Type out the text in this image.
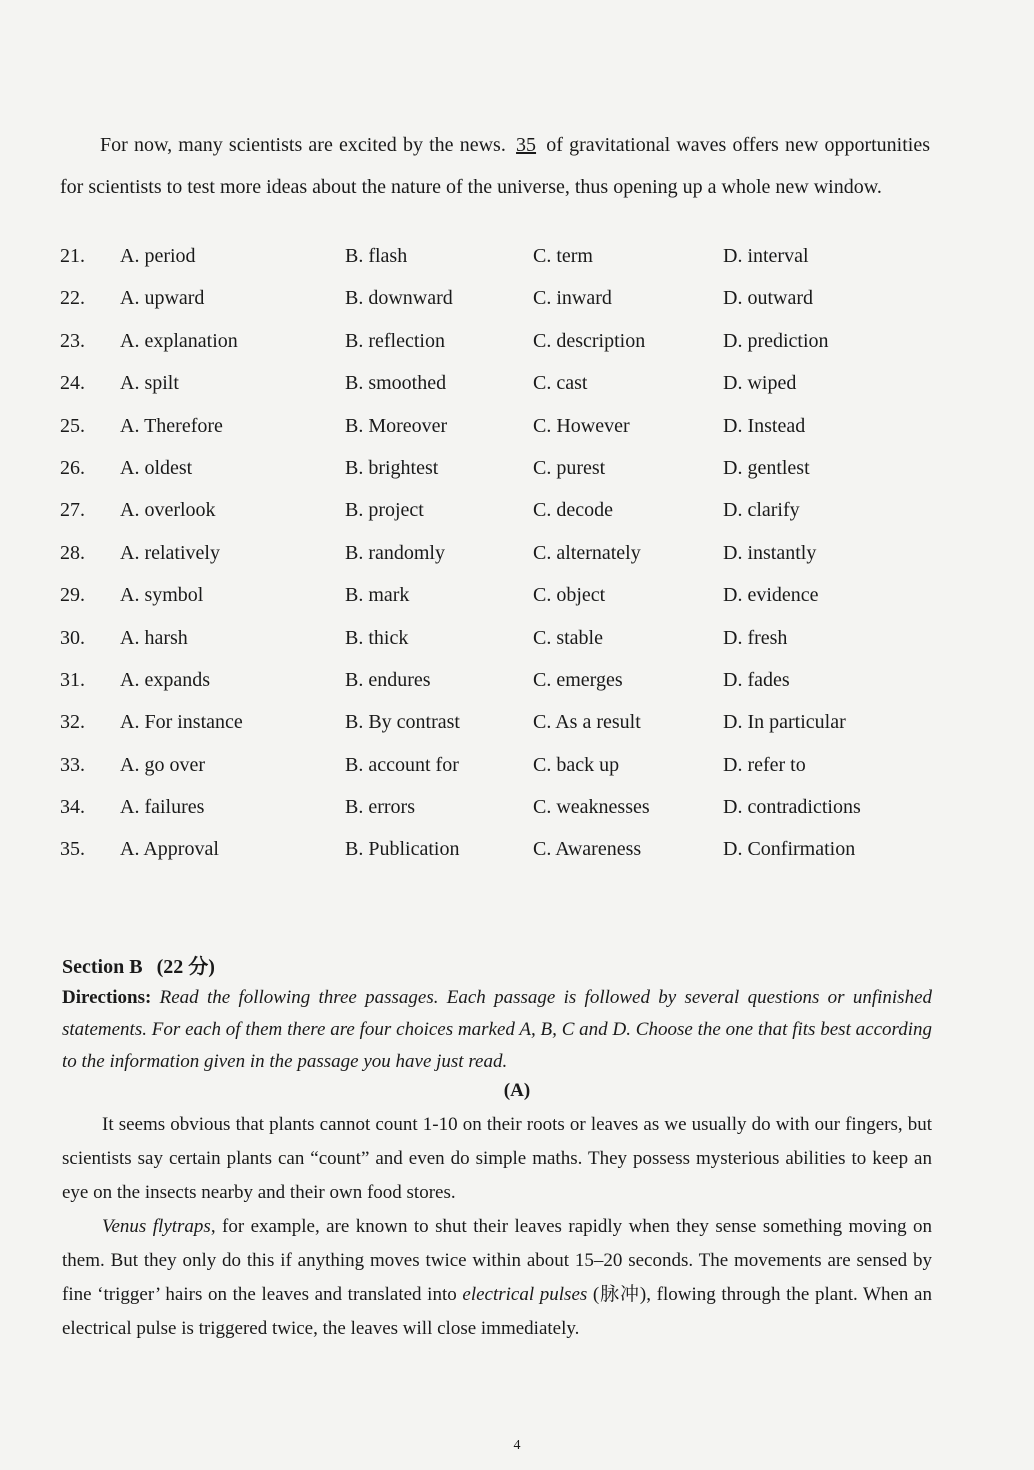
For now, many scientists are excited by the news. 35 of gravitational waves offers new opportunities for scientists to test more ideas about the nature of the universe, thus opening up a whole new window.
21. A. period	B. flash	C. term	D. interval
22. A. upward	B. downward	C. inward	D. outward
23. A. explanation	B. reflection	C. description	D. prediction
24. A. spilt	B. smoothed	C. cast	D. wiped
25. A. Therefore	B. Moreover	C. However	D. Instead
26. A. oldest	B. brightest	C. purest	D. gentlest
27. A. overlook	B. project	C. decode	D. clarify
28. A. relatively	B. randomly	C. alternately	D. instantly
29. A. symbol	B. mark	C. object	D. evidence
30. A. harsh	B. thick	C. stable	D. fresh
31. A. expands	B. endures	C. emerges	D. fades
32. A. For instance	B. By contrast	C. As a result	D. In particular
33. A. go over	B. account for	C. back up	D. refer to
34. A. failures	B. errors	C. weaknesses	D. contradictions
35. A. Approval	B. Publication	C. Awareness	D. Confirmation
Section B (22 分)
Directions: Read the following three passages. Each passage is followed by several questions or unfinished statements. For each of them there are four choices marked A, B, C and D. Choose the one that fits best according to the information given in the passage you have just read.
(A)

It seems obvious that plants cannot count 1-10 on their roots or leaves as we usually do with our fingers, but scientists say certain plants can “count” and even do simple maths. They possess mysterious abilities to keep an eye on the insects nearby and their own food stores.

Venus flytraps, for example, are known to shut their leaves rapidly when they sense something moving on them. But they only do this if anything moves twice within about 15–20 seconds. The movements are sensed by fine ‘trigger’ hairs on the leaves and translated into electrical pulses (脉冲), flowing through the plant. When an electrical pulse is triggered twice, the leaves will close immediately.

4
